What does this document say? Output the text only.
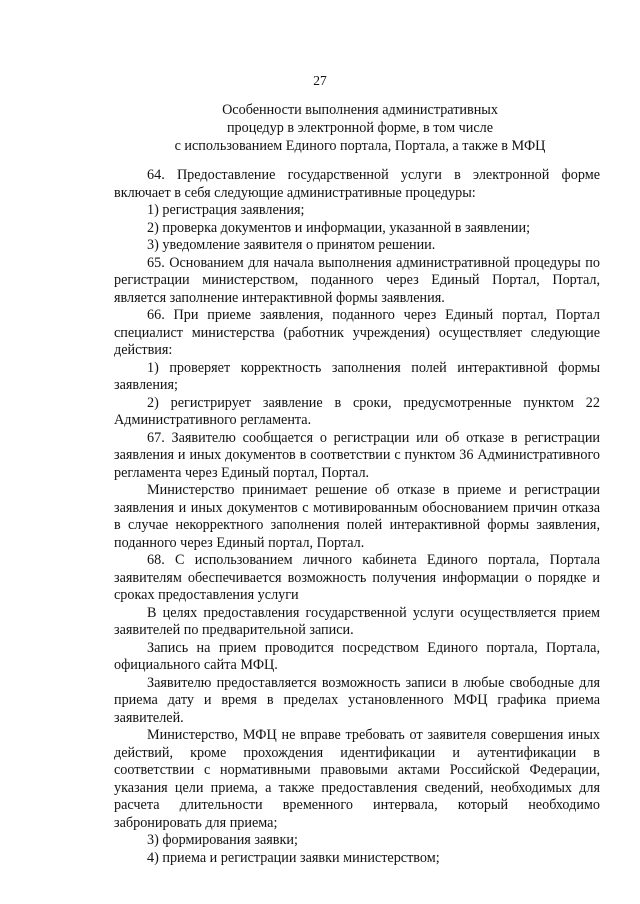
27
Особенности выполнения административных
процедур в электронной форме, в том числе
с использованием Единого портала, Портала, а также в МФЦ

64. Предоставление государственной услуги в электронной форме включает в себя следующие административные процедуры:

1) регистрация заявления;

2) проверка документов и информации, указанной в заявлении;

3) уведомление заявителя о принятом решении.

65. Основанием для начала выполнения административной процедуры по регистрации министерством, поданного через Единый Портал, Портал, является заполнение интерактивной формы заявления.

66. При приеме заявления, поданного через Единый портал, Портал специалист министерства (работник учреждения) осуществляет следующие действия:

1) проверяет корректность заполнения полей интерактивной формы заявления;

2) регистрирует заявление в сроки, предусмотренные пунктом 22 Административного регламента.

67. Заявителю сообщается о регистрации или об отказе в регистрации заявления и иных документов в соответствии с пунктом 36 Административного регламента через Единый портал, Портал.

Министерство принимает решение об отказе в приеме и регистрации заявления и иных документов с мотивированным обоснованием причин отказа в случае некорректного заполнения полей интерактивной формы заявления, поданного через Единый портал, Портал.

68. С использованием личного кабинета Единого портала, Портала заявителям обеспечивается возможность получения информации о порядке и сроках предоставления услуги

В целях предоставления государственной услуги осуществляется прием заявителей по предварительной записи.

Запись на прием проводится посредством Единого портала, Портала, официального сайта МФЦ.

Заявителю предоставляется возможность записи в любые свободные для приема дату и время в пределах установленного МФЦ графика приема заявителей.

Министерство, МФЦ не вправе требовать от заявителя совершения иных действий, кроме прохождения идентификации и аутентификации в соответствии с нормативными правовыми актами Российской Федерации, указания цели приема, а также предоставления сведений, необходимых для расчета длительности временного интервала, который необходимо забронировать для приема;

3) формирования заявки;

4) приема и регистрации заявки министерством;
